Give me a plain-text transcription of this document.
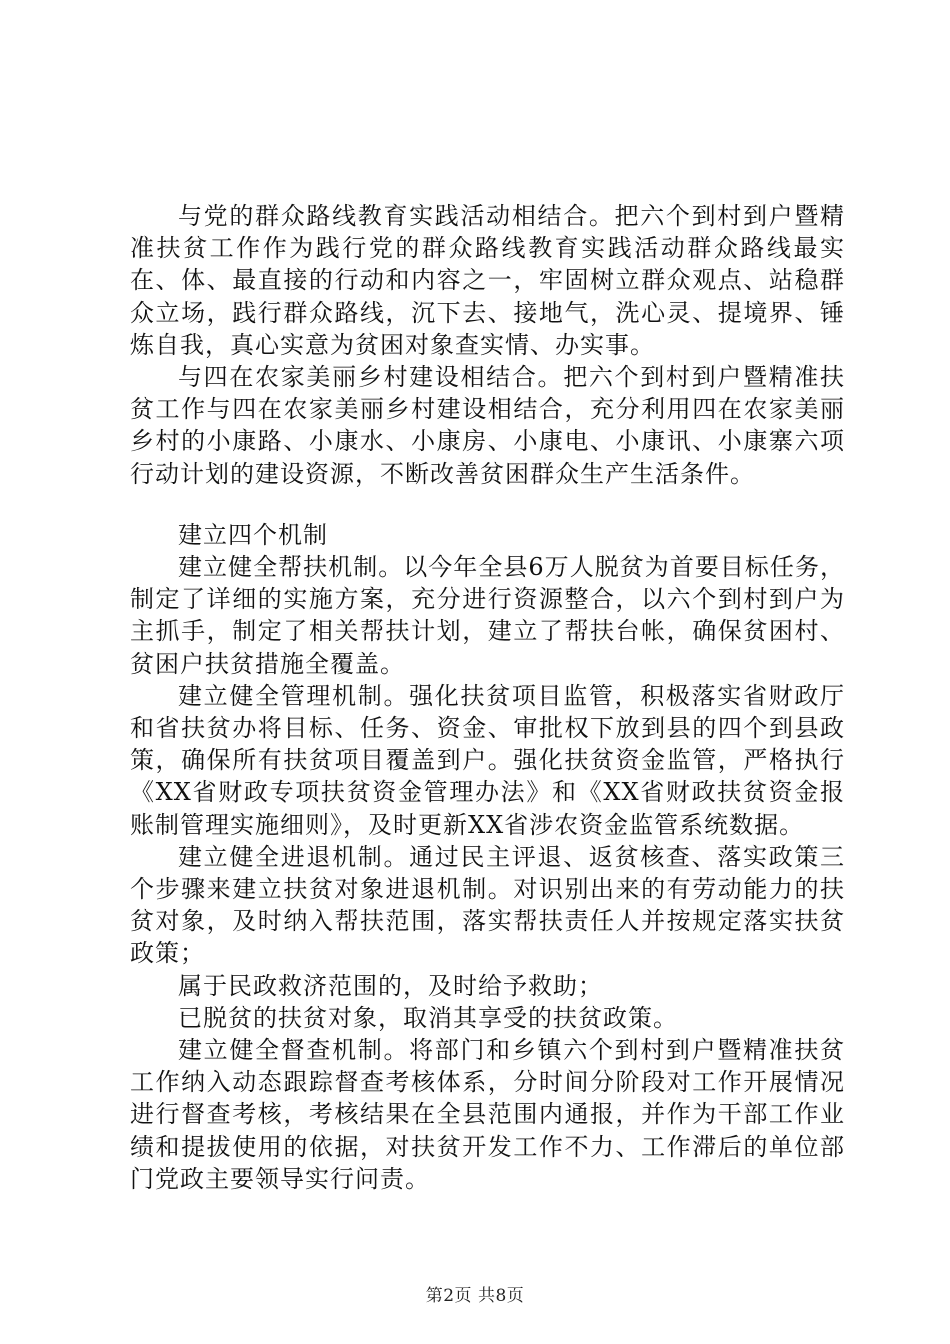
与党的群众路线教育实践活动相结合。把六个到村到户暨精准扶贫工作作为践行党的群众路线教育实践活动群众路线最实在、体、最直接的行动和内容之一，牢固树立群众观点、站稳群众立场，践行群众路线，沉下去、接地气，洗心灵、提境界、锤炼自我，真心实意为贫困对象查实情、办实事。

与四在农家美丽乡村建设相结合。把六个到村到户暨精准扶贫工作与四在农家美丽乡村建设相结合，充分利用四在农家美丽乡村的小康路、小康水、小康房、小康电、小康讯、小康寨六项行动计划的建设资源，不断改善贫困群众生产生活条件。

建立四个机制

建立健全帮扶机制。以今年全县6万人脱贫为首要目标任务，制定了详细的实施方案，充分进行资源整合，以六个到村到户为主抓手，制定了相关帮扶计划，建立了帮扶台帐，确保贫困村、贫困户扶贫措施全覆盖。

建立健全管理机制。强化扶贫项目监管，积极落实省财政厅和省扶贫办将目标、任务、资金、审批权下放到县的四个到县政策，确保所有扶贫项目覆盖到户。强化扶贫资金监管，严格执行《XX省财政专项扶贫资金管理办法》和《XX省财政扶贫资金报账制管理实施细则》，及时更新XX省涉农资金监管系统数据。

建立健全进退机制。通过民主评退、返贫核查、落实政策三个步骤来建立扶贫对象进退机制。对识别出来的有劳动能力的扶贫对象，及时纳入帮扶范围，落实帮扶责任人并按规定落实扶贫政策；

属于民政救济范围的，及时给予救助；

已脱贫的扶贫对象，取消其享受的扶贫政策。

建立健全督查机制。将部门和乡镇六个到村到户暨精准扶贫工作纳入动态跟踪督查考核体系，分时间分阶段对工作开展情况进行督查考核，考核结果在全县范围内通报，并作为干部工作业绩和提拔使用的依据，对扶贫开发工作不力、工作滞后的单位部门党政主要领导实行问责。

第2页 共8页
